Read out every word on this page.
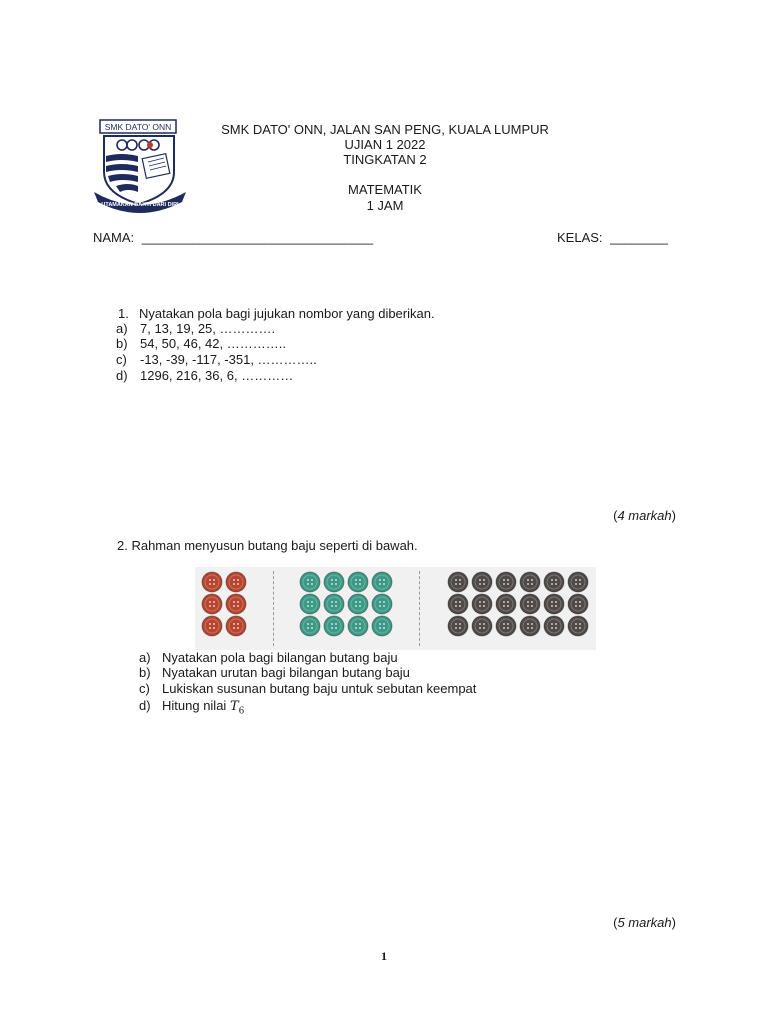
SMK DATO' ONN
UTAMAKAN BAKTI DARI DIRI
SMK DATO' ONN, JALAN SAN PENG, KUALA LUMPUR
UJIAN 1 2022
TINGKATAN 2
MATEMATIK
1 JAM
NAMA: ________________________________	KELAS: ________
1. Nyatakan pola bagi jujukan nombor yang diberikan.
a) 7, 13, 19, 25, ………….
b) 54, 50, 46, 42, …………..
c) -13, -39, -117, -351, …………..
d) 1296, 216, 36, 6, …………
(4 markah)
2. Rahman menyusun butang baju seperti di bawah.
a) Nyatakan pola bagi bilangan butang baju
b) Nyatakan urutan bagi bilangan butang baju
c) Lukiskan susunan butang baju untuk sebutan keempat
d) Hitung nilai $T_6$
(5 markah)
1
